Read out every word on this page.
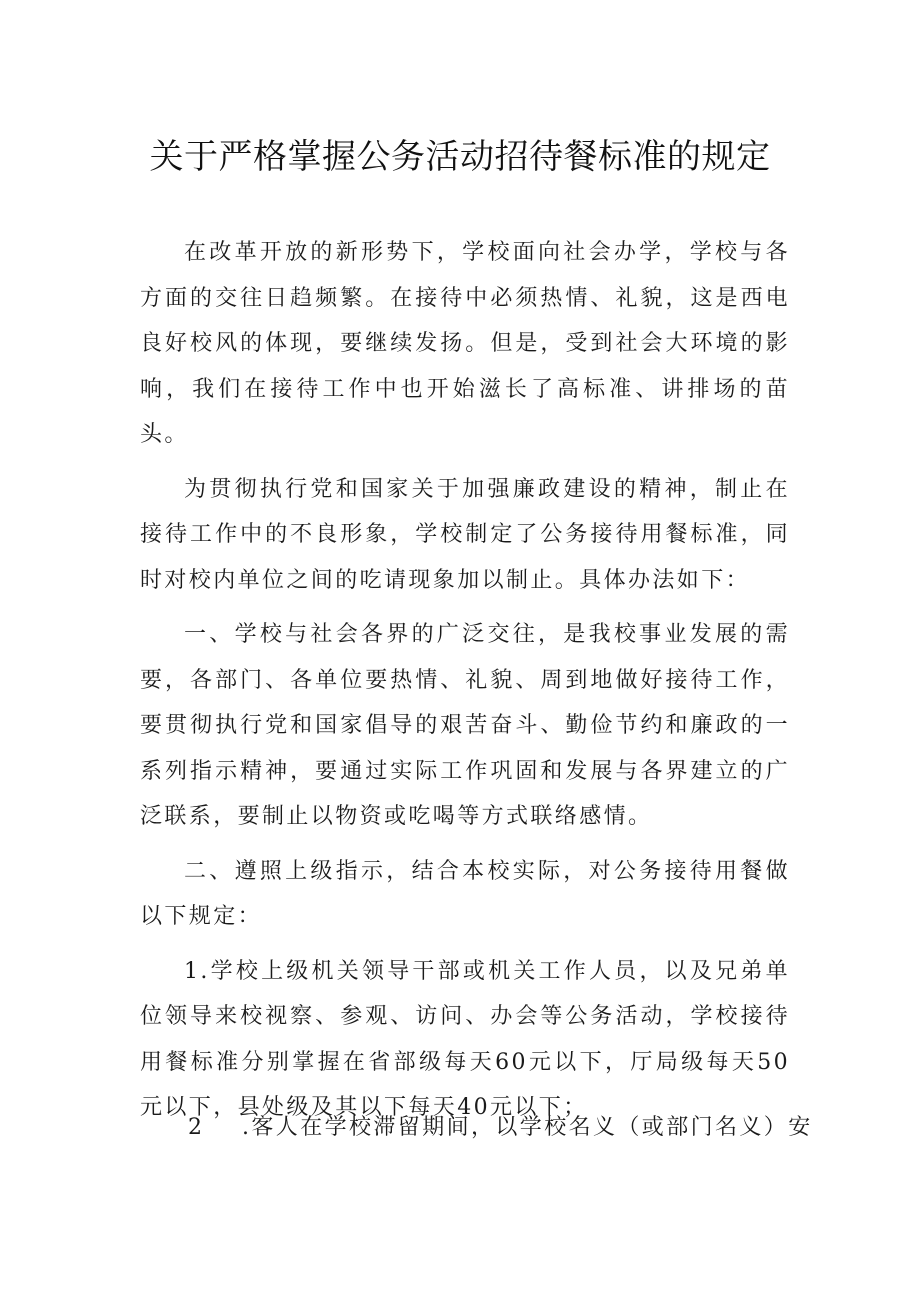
关于严格掌握公务活动招待餐标准的规定

在改革开放的新形势下，学校面向社会办学，学校与各方面的交往日趋频繁。在接待中必须热情、礼貌，这是西电良好校风的体现，要继续发扬。但是，受到社会大环境的影响，我们在接待工作中也开始滋长了高标准、讲排场的苗头。

为贯彻执行党和国家关于加强廉政建设的精神，制止在接待工作中的不良形象，学校制定了公务接待用餐标准，同时对校内单位之间的吃请现象加以制止。具体办法如下：

一、学校与社会各界的广泛交往，是我校事业发展的需要，各部门、各单位要热情、礼貌、周到地做好接待工作，要贯彻执行党和国家倡导的艰苦奋斗、勤俭节约和廉政的一系列指示精神，要通过实际工作巩固和发展与各界建立的广泛联系，要制止以物资或吃喝等方式联络感情。

二、遵照上级指示，结合本校实际，对公务接待用餐做以下规定：

1.学校上级机关领导干部或机关工作人员，以及兄弟单位领导来校视察、参观、访问、办会等公务活动，学校接待用餐标准分别掌握在省部级每天60元以下，厅局级每天50元以下，县处级及其以下每天40元以下；

2 .客人在学校滞留期间，以学校名义（或部门名义）安
